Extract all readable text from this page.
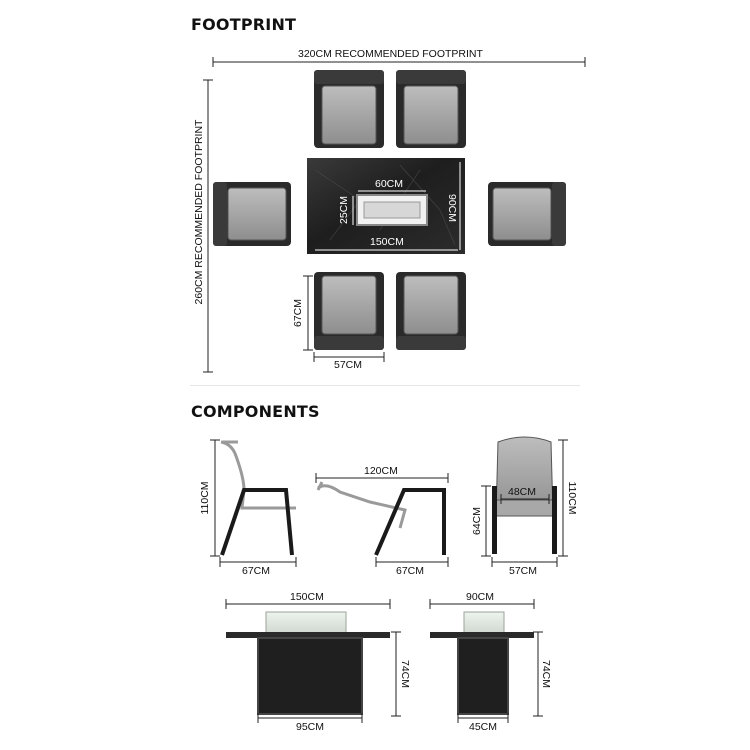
FOOTPRINT
COMPONENTS
320CM RECOMMENDED FOOTPRINT
260CM RECOMMENDED FOOTPRINT	60CM
25CM
150CM
90CM
67CM
57CM
110CM
67CM
120CM
67CM
48CM
64CM
110CM
57CM
150CM
74CM
95CM
90CM
74CM
45CM
